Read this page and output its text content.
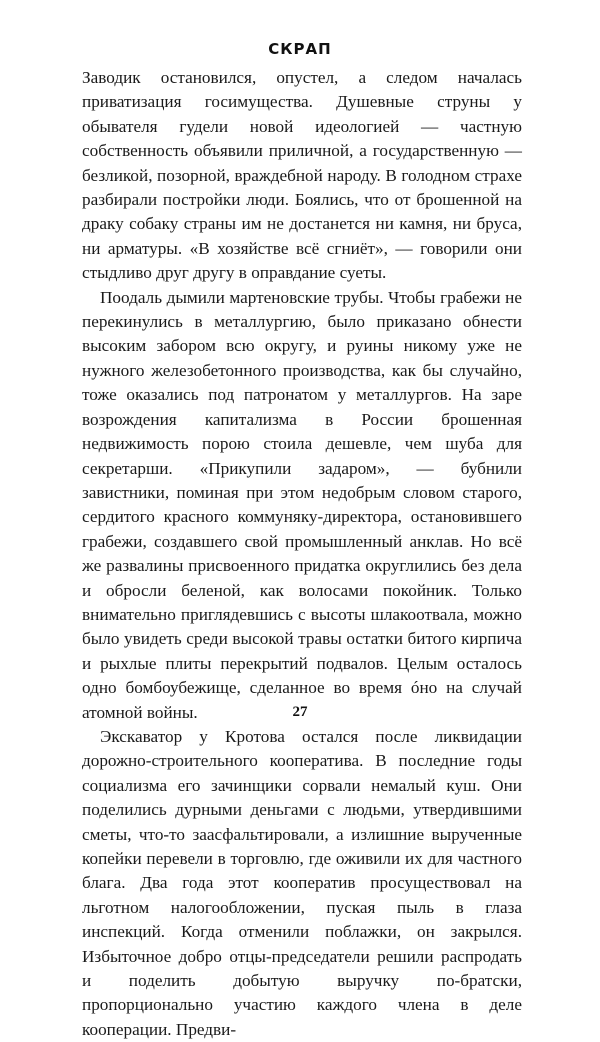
СКРАП

Заводик остановился, опустел, а следом началась приватизация госимущества. Душевные струны у обывателя гудели новой идеологией — частную собственность объявили приличной, а государственную — безликой, позорной, враждебной народу. В голодном страхе разбирали постройки люди. Боялись, что от брошенной на драку собаку страны им не достанется ни камня, ни бруса, ни арматуры. «В хозяйстве всё сгниёт», — говорили они стыдливо друг другу в оправдание суеты.

Поодаль дымили мартеновские трубы. Чтобы грабежи не перекинулись в металлургию, было приказано обнести высоким забором всю округу, и руины никому уже не нужного железобетонного производства, как бы случайно, тоже оказались под патронатом у металлургов. На заре возрождения капитализма в России брошенная недвижимость порою стоила дешевле, чем шуба для секретарши. «Прикупили задаром», — бубнили завистники, поминая при этом недобрым словом старого, сердитого красного коммуняку-директора, остановившего грабежи, создавшего свой промышленный анклав. Но всё же развалины присвоенного придатка округлились без дела и обросли беленой, как волосами покойник. Только внимательно приглядевшись с высоты шлакоотвала, можно было увидеть среди высокой травы остатки битого кирпича и рыхлые плиты перекрытий подвалов. Целым осталось одно бомбоубежище, сделанное во время óно на случай атомной войны.

Экскаватор у Кротова остался после ликвидации дорожно-строительного кооператива. В последние годы социализма его зачинщики сорвали немалый куш. Они поделились дурными деньгами с людьми, утвердившими сметы, что-то заасфальтировали, а излишние вырученные копейки перевели в торговлю, где оживили их для частного блага. Два года этот кооператив просуществовал на льготном налогообложении, пуская пыль в глаза инспекций. Когда отменили поблажки, он закрылся. Избыточное добро отцы-председатели решили распродать и поделить добытую выручку по-братски, пропорционально участию каждого члена в деле кооперации. Предви-

27
